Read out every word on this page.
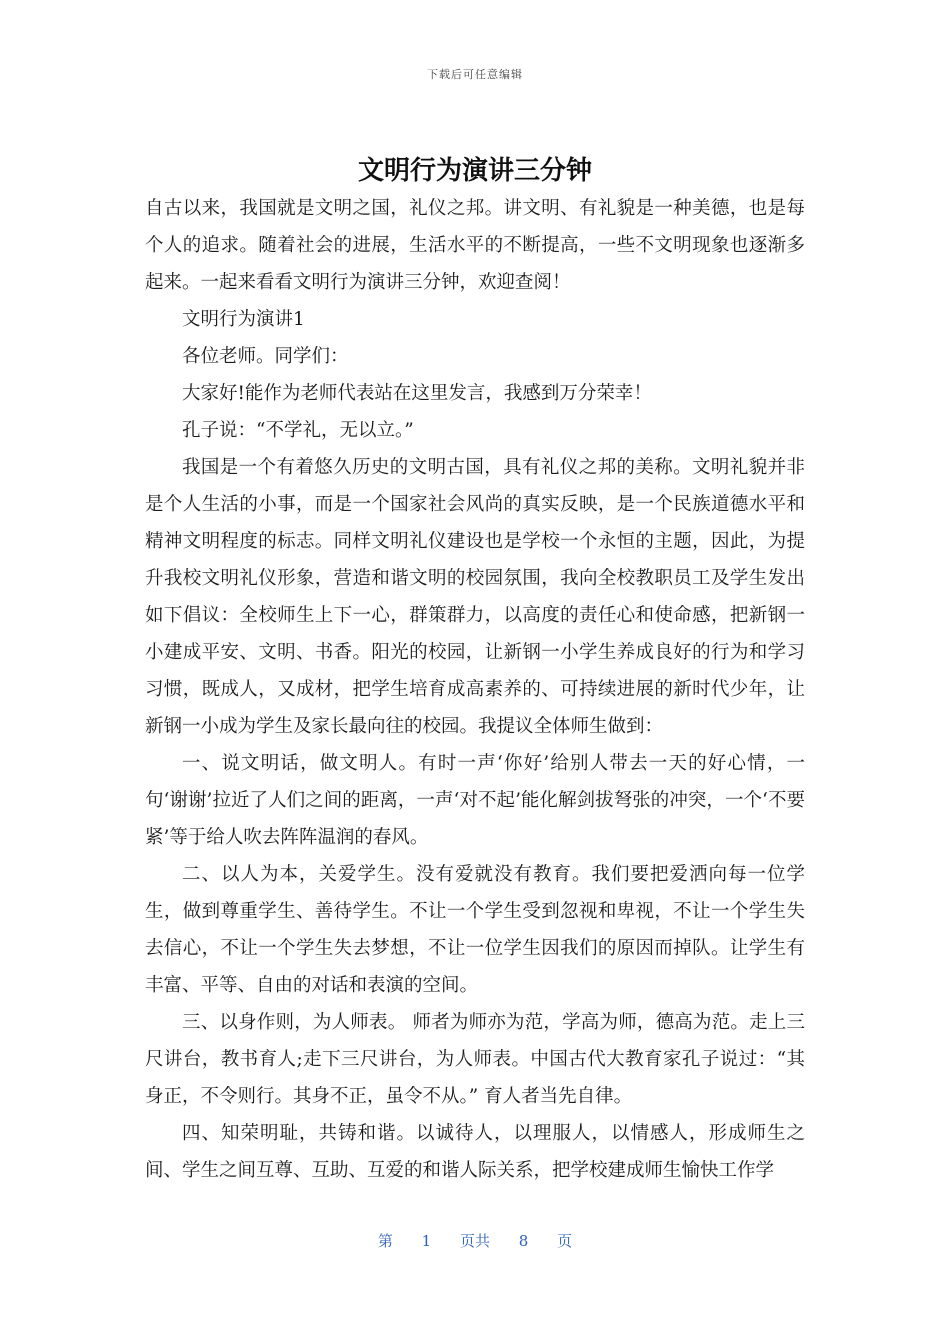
下载后可任意编辑
文明行为演讲三分钟

自古以来，我国就是文明之国，礼仪之邦。讲文明、有礼貌是一种美德，也是每个人的追求。随着社会的进展，生活水平的不断提高，一些不文明现象也逐渐多起来。一起来看看文明行为演讲三分钟，欢迎查阅！

文明行为演讲1

各位老师。同学们：

大家好!能作为老师代表站在这里发言，我感到万分荣幸！

孔子说：“不学礼，无以立。”

我国是一个有着悠久历史的文明古国，具有礼仪之邦的美称。文明礼貌并非是个人生活的小事，而是一个国家社会风尚的真实反映，是一个民族道德水平和精神文明程度的标志。同样文明礼仪建设也是学校一个永恒的主题，因此，为提升我校文明礼仪形象，营造和谐文明的校园氛围，我向全校教职员工及学生发出如下倡议：全校师生上下一心，群策群力，以高度的责任心和使命感，把新钢一小建成平安、文明、书香。阳光的校园，让新钢一小学生养成良好的行为和学习习惯，既成人，又成材，把学生培育成高素养的、可持续进展的新时代少年，让新钢一小成为学生及家长最向往的校园。我提议全体师生做到：

一、说文明话，做文明人。有时一声‘你好’给别人带去一天的好心情，一句‘谢谢’拉近了人们之间的距离，一声‘对不起’能化解剑拔弩张的冲突，一个‘不要紧’等于给人吹去阵阵温润的春风。

二、以人为本，关爱学生。没有爱就没有教育。我们要把爱洒向每一位学生，做到尊重学生、善待学生。不让一个学生受到忽视和卑视，不让一个学生失去信心，不让一个学生失去梦想，不让一位学生因我们的原因而掉队。让学生有丰富、平等、自由的对话和表演的空间。

三、以身作则，为人师表。 师者为师亦为范，学高为师，德高为范。走上三尺讲台，教书育人;走下三尺讲台，为人师表。中国古代大教育家孔子说过：“其身正，不令则行。其身不正，虽令不从。” 育人者当先自律。

四、知荣明耻，共铸和谐。以诚待人，以理服人，以情感人，形成师生之间、学生之间互尊、互助、互爱的和谐人际关系，把学校建成师生愉快工作学

第 1 页共 8 页
